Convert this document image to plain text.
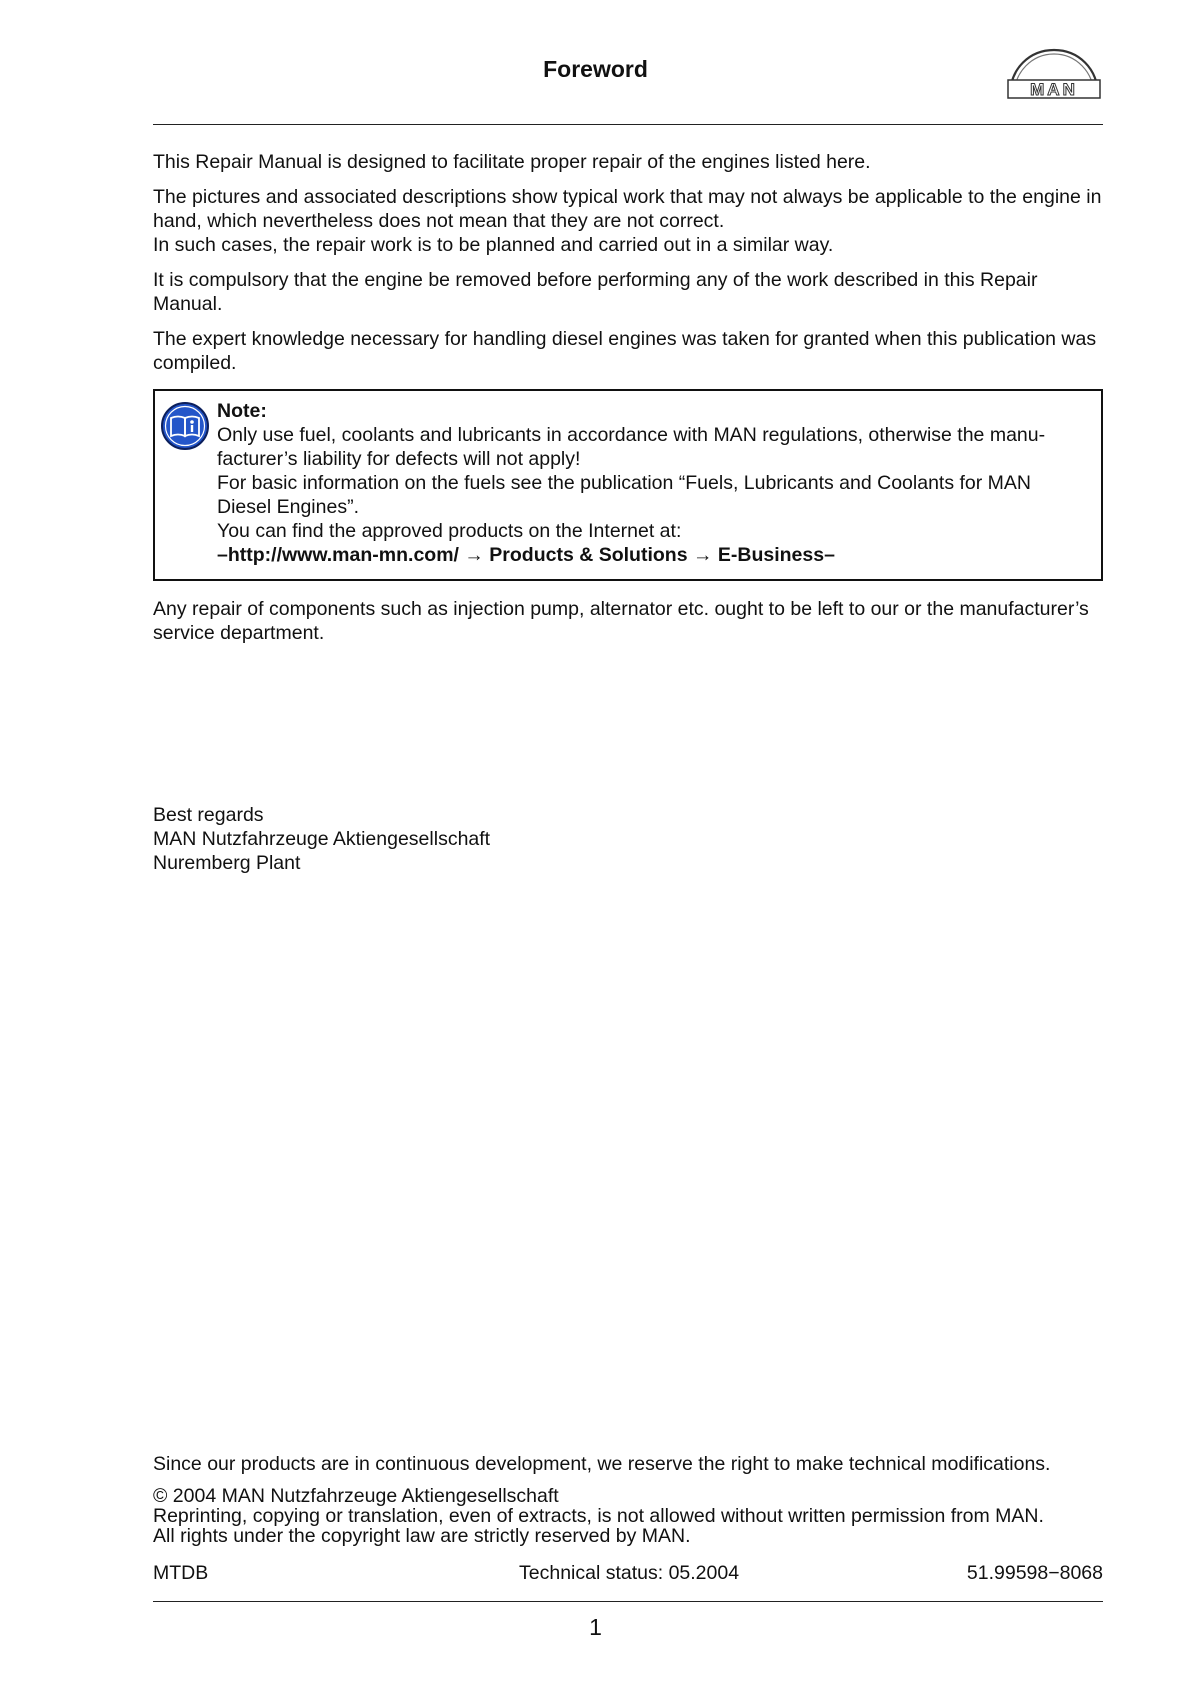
Foreword
MAN

This Repair Manual is designed to facilitate proper repair of the engines listed here.

The pictures and associated descriptions show typical work that may not always be applicable to the engine in hand, which nevertheless does not mean that they are not correct.

In such cases, the repair work is to be planned and carried out in a similar way.

It is compulsory that the engine be removed before performing any of the work described in this Repair Manual.

The expert knowledge necessary for handling diesel engines was taken for granted when this publication was compiled.

Note:
Only use fuel, coolants and lubricants in accordance with MAN regulations, otherwise the manu-facturer’s liability for defects will not apply!
For basic information on the fuels see the publication “Fuels, Lubricants and Coolants for MAN Diesel Engines”.
You can find the approved products on the Internet at:
–http://www.man-mn.com/ → Products & Solutions → E-Business–

Any repair of components such as injection pump, alternator etc. ought to be left to our or the manufacturer’s service department.

Best regards
MAN Nutzfahrzeuge Aktiengesellschaft
Nuremberg Plant

Since our products are in continuous development, we reserve the right to make technical modifications.

© 2004 MAN Nutzfahrzeuge Aktiengesellschaft
Reprinting, copying or translation, even of extracts, is not allowed without written permission from MAN.
All rights under the copyright law are strictly reserved by MAN.
MTDB	Technical status: 05.2004	51.99598−8068
1
